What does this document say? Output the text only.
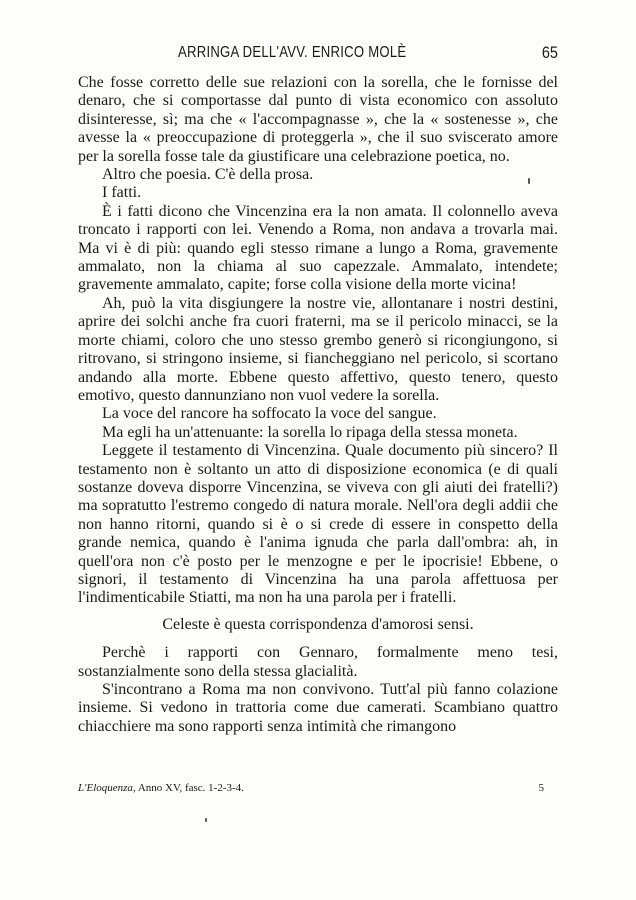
ARRINGA DELL'AVV. ENRICO MOLÈ	65

Che fosse corretto delle sue relazioni con la sorella, che le fornisse del denaro, che si comportasse dal punto di vista economico con assoluto disinteresse, sì; ma che « l'accompagnasse », che la « sostenesse », che avesse la « preoccupazione di proteggerla », che il suo sviscerato amore per la sorella fosse tale da giustificare una celebrazione poetica, no.

Altro che poesia. C'è della prosa.

I fatti.

È i fatti dicono che Vincenzina era la non amata. Il colonnello aveva troncato i rapporti con lei. Venendo a Roma, non andava a trovarla mai. Ma vi è di più: quando egli stesso rimane a lungo a Roma, gravemente ammalato, non la chiama al suo capezzale. Ammalato, intendete; gravemente ammalato, capite; forse colla visione della morte vicina!

Ah, può la vita disgiungere la nostre vie, allontanare i nostri destini, aprire dei solchi anche fra cuori fraterni, ma se il pericolo minacci, se la morte chiami, coloro che uno stesso grembo generò si ricongiungono, si ritrovano, si stringono insieme, si fiancheggiano nel pericolo, si scortano andando alla morte. Ebbene questo affettivo, questo tenero, questo emotivo, questo dannunziano non vuol vedere la sorella.

La voce del rancore ha soffocato la voce del sangue.

Ma egli ha un'attenuante: la sorella lo ripaga della stessa moneta.

Leggete il testamento di Vincenzina. Quale documento più sincero? Il testamento non è soltanto un atto di disposizione economica (e di quali sostanze doveva disporre Vincenzina, se viveva con gli aiuti dei fratelli?) ma sopratutto l'estremo congedo di natura morale. Nell'ora degli addii che non hanno ritorni, quando si è o si crede di essere in conspetto della grande nemica, quando è l'anima ignuda che parla dall'ombra: ah, in quell'ora non c'è posto per le menzogne e per le ipocrisie! Ebbene, o signori, il testamento di Vincenzina ha una parola affettuosa per l'indimenticabile Stiatti, ma non ha una parola per i fratelli.

Celeste è questa corrispondenza d'amorosi sensi.

Perchè i rapporti con Gennaro, formalmente meno tesi, sostanzialmente sono della stessa glacialità.

S'incontrano a Roma ma non convivono. Tutt'al più fanno colazione insieme. Si vedono in trattoria come due camerati. Scambiano quattro chiacchiere ma sono rapporti senza intimità che rimangono

L'Eloquenza, Anno XV, fasc. 1-2-3-4.	5
